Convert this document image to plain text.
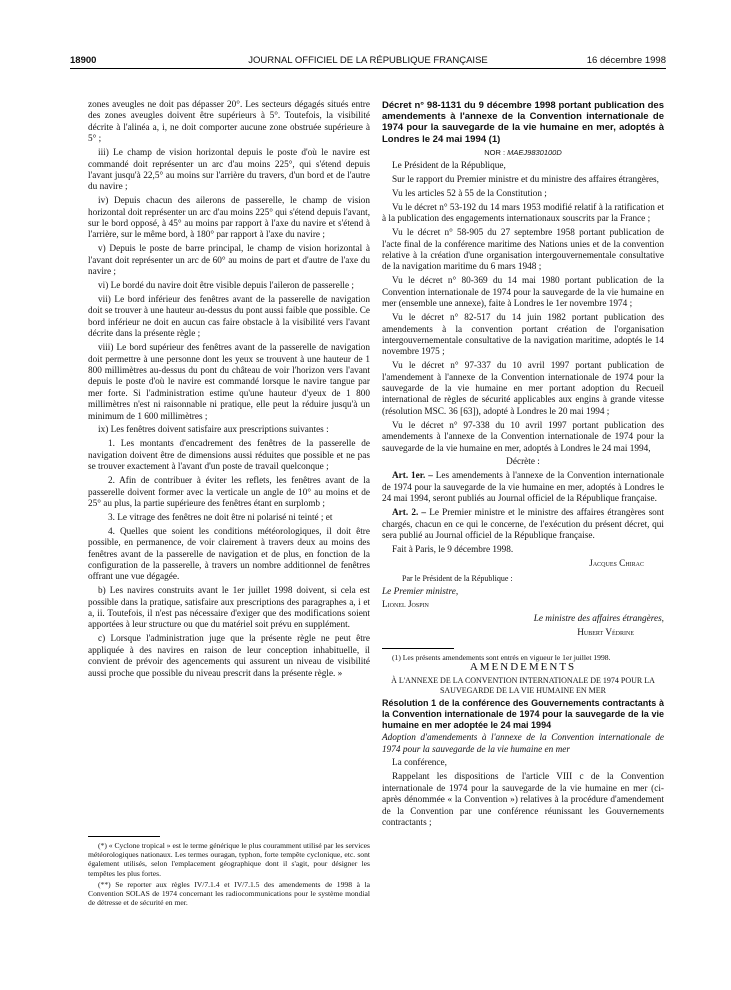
18900	JOURNAL OFFICIEL DE LA RÉPUBLIQUE FRANÇAISE	16 décembre 1998

zones aveugles ne doit pas dépasser 20°. Les secteurs dégagés situés entre des zones aveugles doivent être supérieurs à 5°. Toutefois, la visibilité décrite à l'alinéa a, i, ne doit comporter aucune zone obstruée supérieure à 5° ;

iii) Le champ de vision horizontal depuis le poste d'où le navire est commandé doit représenter un arc d'au moins 225°, qui s'étend depuis l'avant jusqu'à 22,5° au moins sur l'arrière du travers, d'un bord et de l'autre du navire ;

iv) Depuis chacun des ailerons de passerelle, le champ de vision horizontal doit représenter un arc d'au moins 225° qui s'étend depuis l'avant, sur le bord opposé, à 45° au moins par rapport à l'axe du navire et s'étend à l'arrière, sur le même bord, à 180° par rapport à l'axe du navire ;

v) Depuis le poste de barre principal, le champ de vision horizontal à l'avant doit représenter un arc de 60° au moins de part et d'autre de l'axe du navire ;

vi) Le bordé du navire doit être visible depuis l'aileron de passerelle ;

vii) Le bord inférieur des fenêtres avant de la passerelle de navigation doit se trouver à une hauteur au-dessus du pont aussi faible que possible. Ce bord inférieur ne doit en aucun cas faire obstacle à la visibilité vers l'avant décrite dans la présente règle ;

viii) Le bord supérieur des fenêtres avant de la passerelle de navigation doit permettre à une personne dont les yeux se trouvent à une hauteur de 1 800 millimètres au-dessus du pont du château de voir l'horizon vers l'avant depuis le poste d'où le navire est commandé lorsque le navire tangue par mer forte. Si l'administration estime qu'une hauteur d'yeux de 1 800 millimètres n'est ni raisonnable ni pratique, elle peut la réduire jusqu'à un minimum de 1 600 millimètres ;

ix) Les fenêtres doivent satisfaire aux prescriptions suivantes :

1. Les montants d'encadrement des fenêtres de la passerelle de navigation doivent être de dimensions aussi réduites que possible et ne pas se trouver exactement à l'avant d'un poste de travail quelconque ;

2. Afin de contribuer à éviter les reflets, les fenêtres avant de la passerelle doivent former avec la verticale un angle de 10° au moins et de 25° au plus, la partie supérieure des fenêtres étant en surplomb ;

3. Le vitrage des fenêtres ne doit être ni polarisé ni teinté ; et

4. Quelles que soient les conditions météorologiques, il doit être possible, en permanence, de voir clairement à travers deux au moins des fenêtres avant de la passerelle de navigation et de plus, en fonction de la configuration de la passerelle, à travers un nombre additionnel de fenêtres offrant une vue dégagée.

b) Les navires construits avant le 1er juillet 1998 doivent, si cela est possible dans la pratique, satisfaire aux prescriptions des paragraphes a, i et a, ii. Toutefois, il n'est pas nécessaire d'exiger que des modifications soient apportées à leur structure ou que du matériel soit prévu en supplément.

c) Lorsque l'administration juge que la présente règle ne peut être appliquée à des navires en raison de leur conception inhabituelle, il convient de prévoir des agencements qui assurent un niveau de visibilité aussi proche que possible du niveau prescrit dans la présente règle. »

(*) « Cyclone tropical » est le terme générique le plus couramment utilisé par les services météorologiques nationaux. Les termes ouragan, typhon, forte tempête cyclonique, etc. sont également utilisés, selon l'emplacement géographique dont il s'agit, pour désigner les tempêtes les plus fortes.

(**) Se reporter aux règles IV/7.1.4 et IV/7.1.5 des amendements de 1998 à la Convention SOLAS de 1974 concernant les radiocommunications pour le système mondial de détresse et de sécurité en mer.

Décret n° 98-1131 du 9 décembre 1998 portant publication des amendements à l'annexe de la Convention internationale de 1974 pour la sauvegarde de la vie humaine en mer, adoptés à Londres le 24 mai 1994 (1)

NOR : MAEJ9830100D

Le Président de la République,

Sur le rapport du Premier ministre et du ministre des affaires étrangères,

Vu les articles 52 à 55 de la Constitution ;

Vu le décret n° 53-192 du 14 mars 1953 modifié relatif à la ratification et à la publication des engagements internationaux souscrits par la France ;

Vu le décret n° 58-905 du 27 septembre 1958 portant publication de l'acte final de la conférence maritime des Nations unies et de la convention relative à la création d'une organisation intergouvernementale consultative de la navigation maritime du 6 mars 1948 ;

Vu le décret n° 80-369 du 14 mai 1980 portant publication de la Convention internationale de 1974 pour la sauvegarde de la vie humaine en mer (ensemble une annexe), faite à Londres le 1er novembre 1974 ;

Vu le décret n° 82-517 du 14 juin 1982 portant publication des amendements à la convention portant création de l'organisation intergouvernementale consultative de la navigation maritime, adoptés le 14 novembre 1975 ;

Vu le décret n° 97-337 du 10 avril 1997 portant publication de l'amendement à l'annexe de la Convention internationale de 1974 pour la sauvegarde de la vie humaine en mer portant adoption du Recueil international de règles de sécurité applicables aux engins à grande vitesse (résolution MSC. 36 [63]), adopté à Londres le 20 mai 1994 ;

Vu le décret n° 97-338 du 10 avril 1997 portant publication des amendements à l'annexe de la Convention internationale de 1974 pour la sauvegarde de la vie humaine en mer, adoptés à Londres le 24 mai 1994,

Décrète :

Art. 1er. – Les amendements à l'annexe de la Convention internationale de 1974 pour la sauvegarde de la vie humaine en mer, adoptés à Londres le 24 mai 1994, seront publiés au Journal officiel de la République française.

Art. 2. – Le Premier ministre et le ministre des affaires étrangères sont chargés, chacun en ce qui le concerne, de l'exécution du présent décret, qui sera publié au Journal officiel de la République française.

Fait à Paris, le 9 décembre 1998.

Jacques Chirac

Par le Président de la République :

Le Premier ministre,

Lionel Jospin

Le ministre des affaires étrangères,

Hubert Védrine

(1) Les présents amendements sont entrés en vigueur le 1er juillet 1998.

AMENDEMENTS

À L'ANNEXE DE LA CONVENTION INTERNATIONALE DE 1974 POUR LA SAUVEGARDE DE LA VIE HUMAINE EN MER

Résolution 1 de la conférence des Gouvernements contractants à la Convention internationale de 1974 pour la sauvegarde de la vie humaine en mer adoptée le 24 mai 1994

Adoption d'amendements à l'annexe de la Convention internationale de 1974 pour la sauvegarde de la vie humaine en mer

La conférence,

Rappelant les dispositions de l'article VIII c de la Convention internationale de 1974 pour la sauvegarde de la vie humaine en mer (ci-après dénommée « la Convention ») relatives à la procédure d'amendement de la Convention par une conférence réunissant les Gouvernements contractants ;
